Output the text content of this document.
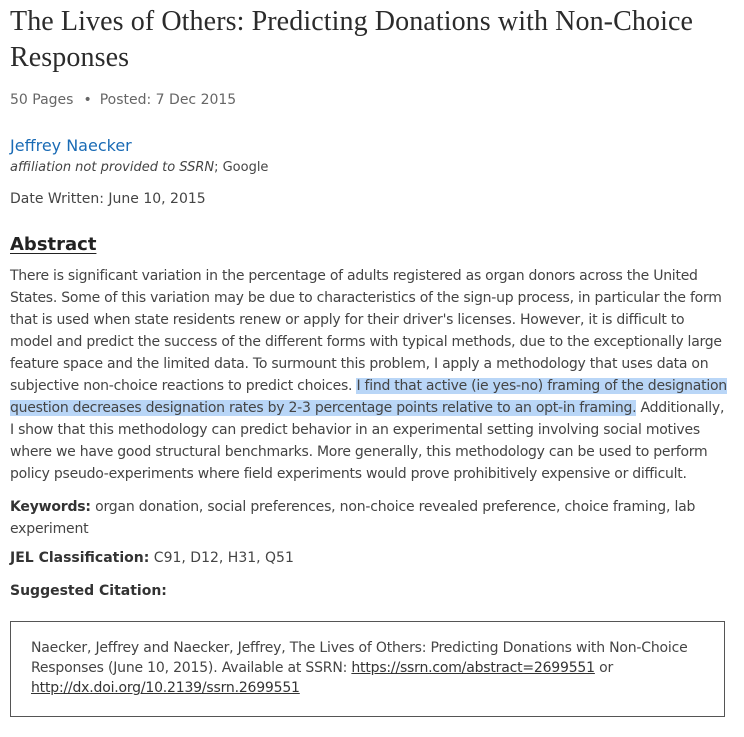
The Lives of Others: Predicting Donations with Non-Choice Responses
50 Pages • Posted: 7 Dec 2015
Jeffrey Naecker
affiliation not provided to SSRN; Google
Date Written: June 10, 2015
Abstract

There is significant variation in the percentage of adults registered as organ donors across the United States. Some of this variation may be due to characteristics of the sign-up process, in particular the form that is used when state residents renew or apply for their driver's licenses. However, it is difficult to model and predict the success of the different forms with typical methods, due to the exceptionally large feature space and the limited data. To surmount this problem, I apply a methodology that uses data on subjective non-choice reactions to predict choices. I find that active (ie yes-no) framing of the designation question decreases designation rates by 2-3 percentage points relative to an opt-in framing. Additionally, I show that this methodology can predict behavior in an experimental setting involving social motives where we have good structural benchmarks. More generally, this methodology can be used to perform policy pseudo-experiments where field experiments would prove prohibitively expensive or difficult.

Keywords: organ donation, social preferences, non-choice revealed preference, choice framing, lab experiment

JEL Classification: C91, D12, H31, Q51

Suggested Citation:

Naecker, Jeffrey and Naecker, Jeffrey, The Lives of Others: Predicting Donations with Non-Choice Responses (June 10, 2015). Available at SSRN: https://ssrn.com/abstract=2699551 or http://dx.doi.org/10.2139/ssrn.2699551
